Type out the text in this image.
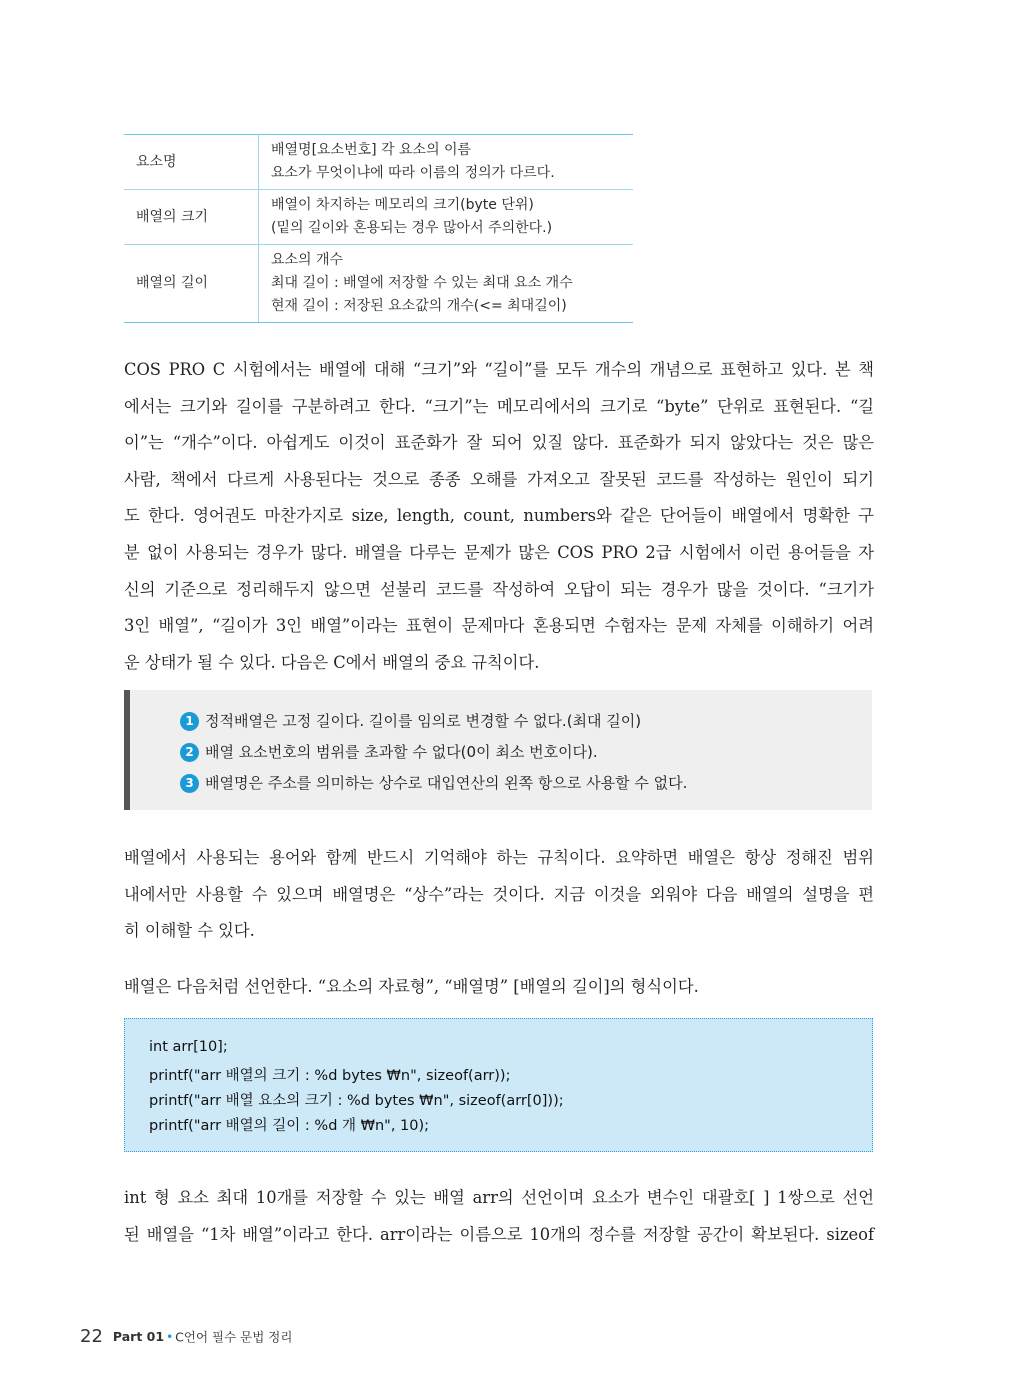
요소명	배열명[요소번호] 각 요소의 이름
요소가 무엇이냐에 따라 이름의 정의가 다르다.

배열의 크기	배열이 차지하는 메모리의 크기(byte 단위)
(밑의 길이와 혼용되는 경우 많아서 주의한다.)

배열의 길이	요소의 개수
최대 길이 : 배열에 저장할 수 있는 최대 요소 개수
현재 길이 : 저장된 요소값의 개수(<= 최대길이)
COS PRO C 시험에서는 배열에 대해 “크기”와 “길이”를 모두 개수의 개념으로 표현하고 있다. 본 책
에서는 크기와 길이를 구분하려고 한다. “크기”는 메모리에서의 크기로 “byte” 단위로 표현된다. “길
이”는 “개수”이다. 아쉽게도 이것이 표준화가 잘 되어 있질 않다. 표준화가 되지 않았다는 것은 많은
사람, 책에서 다르게 사용된다는 것으로 종종 오해를 가져오고 잘못된 코드를 작성하는 원인이 되기
도 한다. 영어권도 마찬가지로 size, length, count, numbers와 같은 단어들이 배열에서 명확한 구
분 없이 사용되는 경우가 많다. 배열을 다루는 문제가 많은 COS PRO 2급 시험에서 이런 용어들을 자
신의 기준으로 정리해두지 않으면 섣불리 코드를 작성하여 오답이 되는 경우가 많을 것이다. “크기가
3인 배열”, “길이가 3인 배열”이라는 표현이 문제마다 혼용되면 수험자는 문제 자체를 이해하기 어려
운 상태가 될 수 있다. 다음은 C에서 배열의 중요 규칙이다.
1 정적배열은 고정 길이다. 길이를 임의로 변경할 수 없다.(최대 길이)
2 배열 요소번호의 범위를 초과할 수 없다(0이 최소 번호이다).
3 배열명은 주소를 의미하는 상수로 대입연산의 왼쪽 항으로 사용할 수 없다.
배열에서 사용되는 용어와 함께 반드시 기억해야 하는 규칙이다. 요약하면 배열은 항상 정해진 범위
내에서만 사용할 수 있으며 배열명은 “상수”라는 것이다. 지금 이것을 외워야 다음 배열의 설명을 편
히 이해할 수 있다.
배열은 다음처럼 선언한다. “요소의 자료형”, “배열명” [배열의 길이]의 형식이다.
int arr[10];
printf("arr 배열의 크기 : %d bytes ₩n", sizeof(arr));
printf("arr 배열 요소의 크기 : %d bytes ₩n", sizeof(arr[0]));
printf("arr 배열의 길이 : %d 개 ₩n", 10);
int 형 요소 최대 10개를 저장할 수 있는 배열 arr의 선언이며 요소가 변수인 대괄호[ ] 1쌍으로 선언
된 배열을 “1차 배열”이라고 한다. arr이라는 이름으로 10개의 정수를 저장할 공간이 확보된다. sizeof
22 Part 01 • C언어 필수 문법 정리
